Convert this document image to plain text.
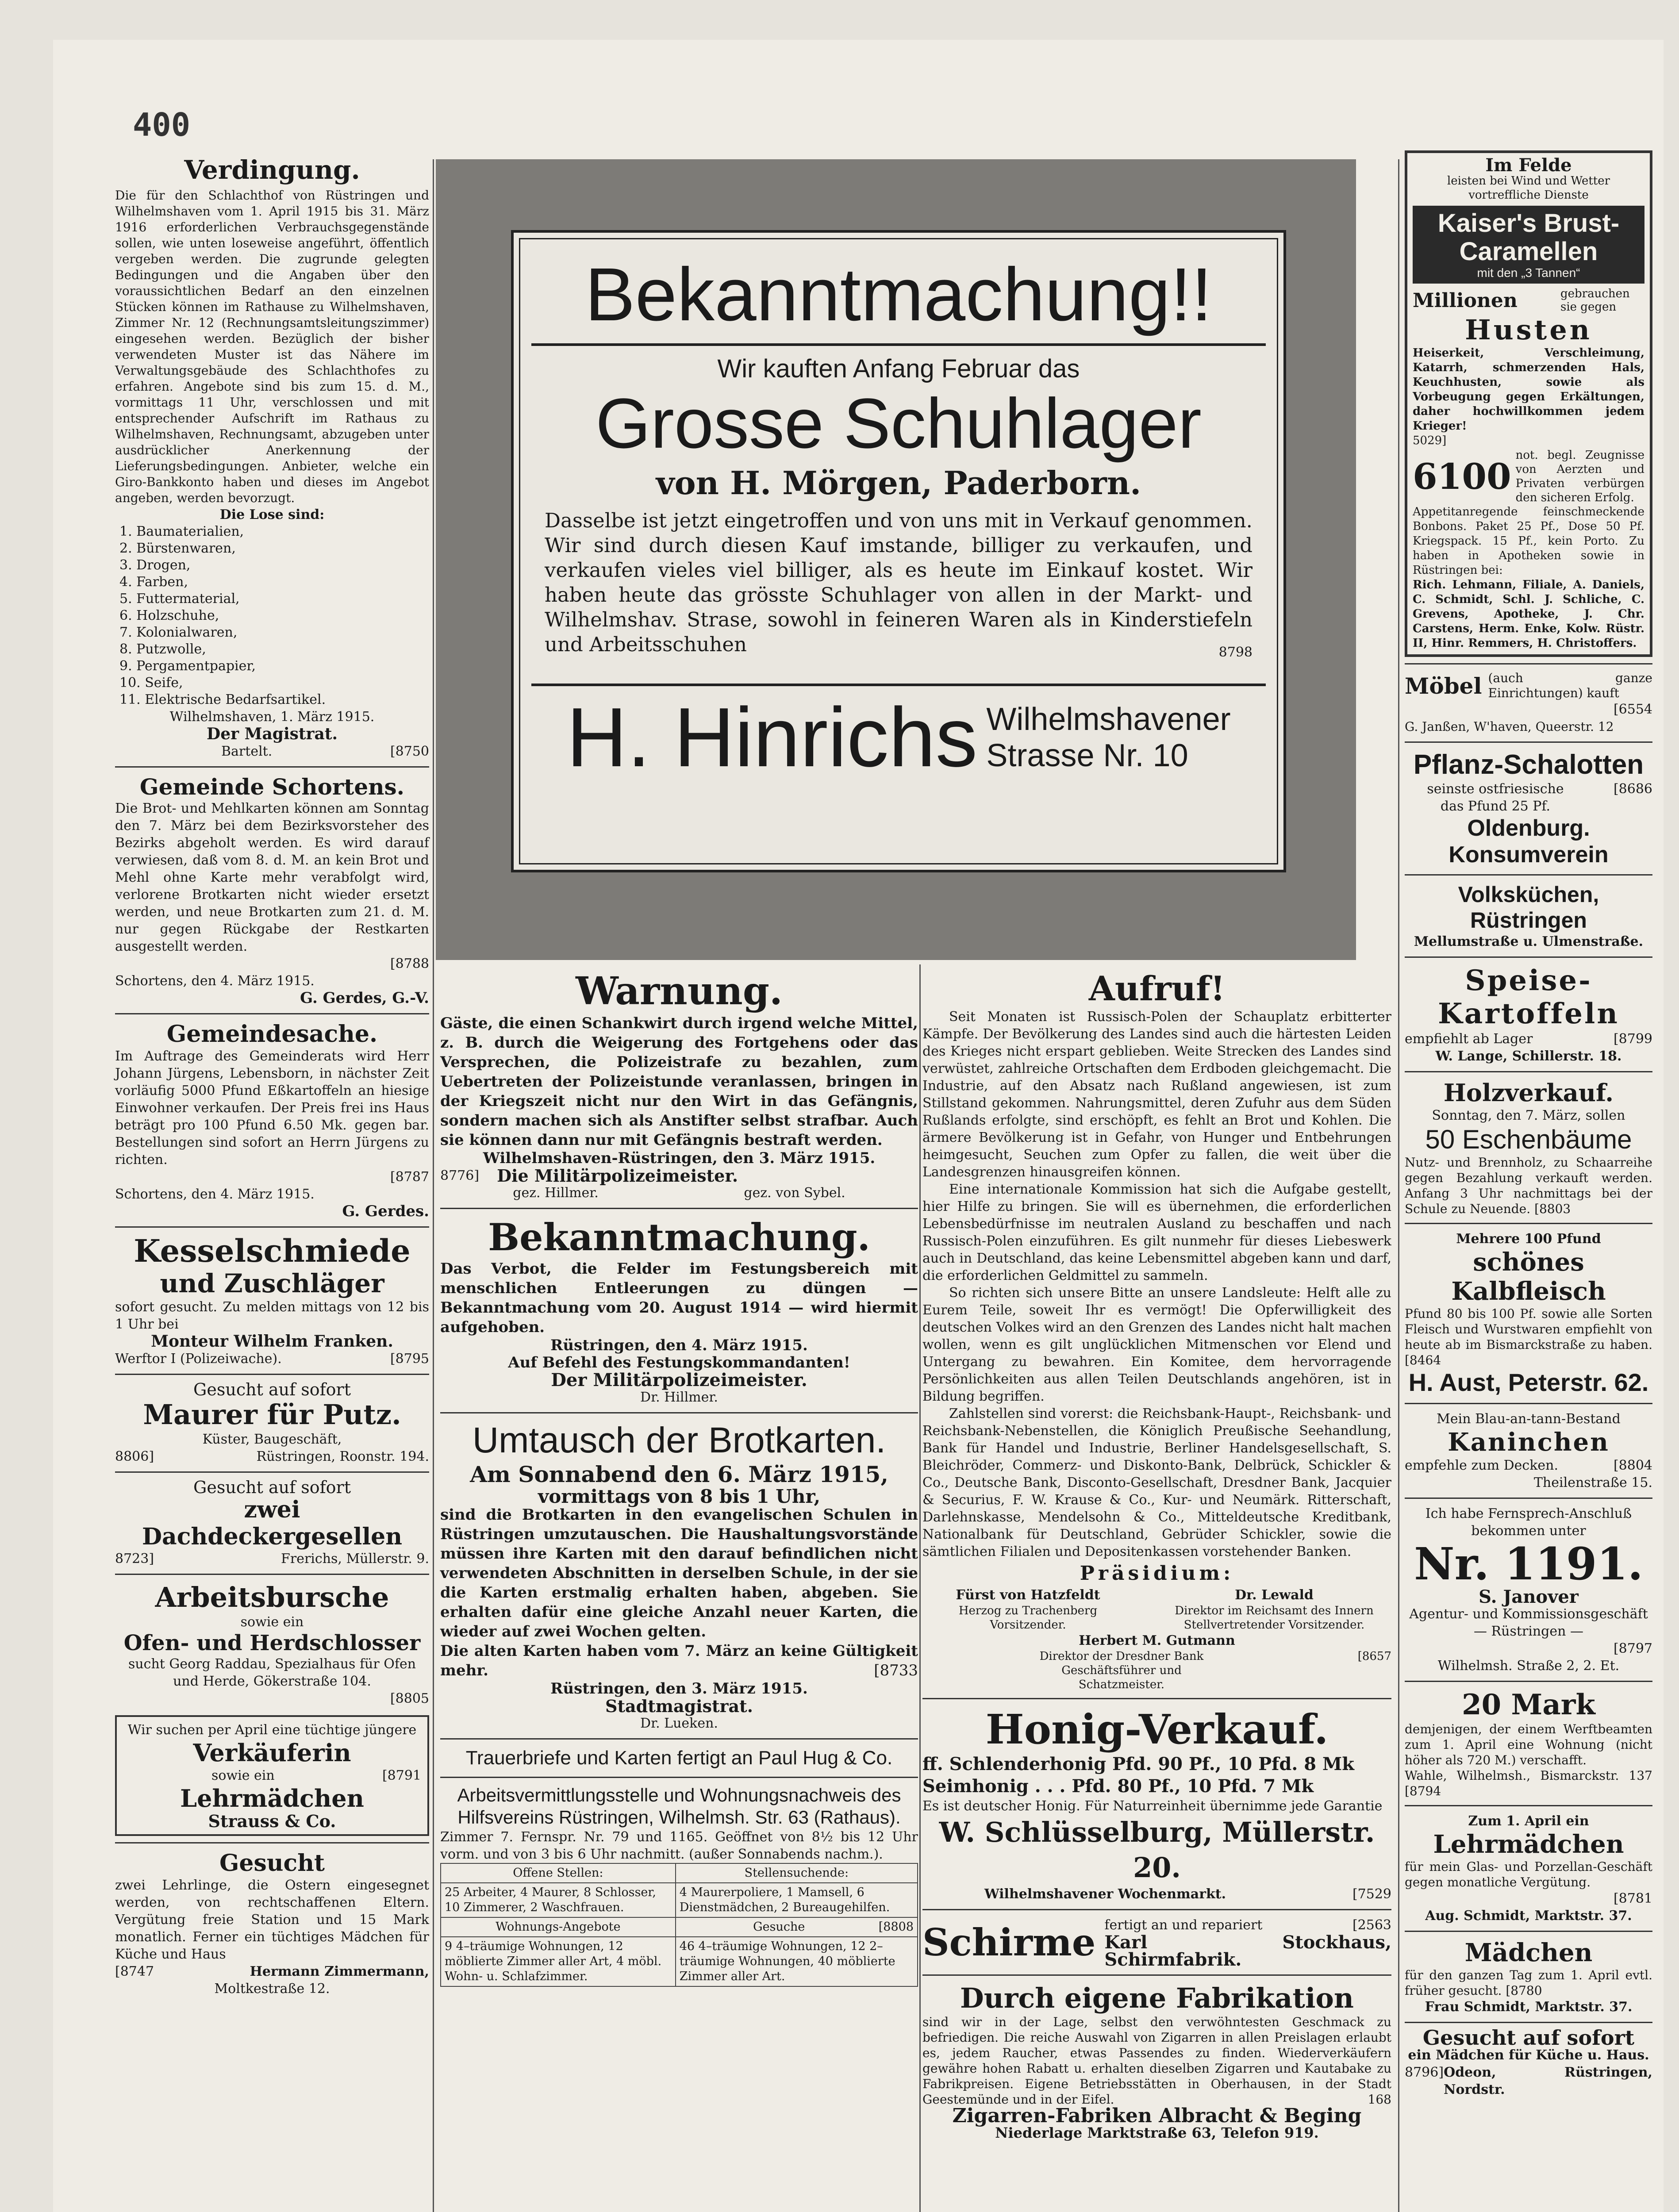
400
Verdingung.

Die für den Schlachthof von Rüstringen und Wilhelmshaven vom 1. April 1915 bis 31. März 1916 erforderlichen Verbrauchsgegenstände sollen, wie unten loseweise angeführt, öffentlich vergeben werden. Die zugrunde gelegten Bedingungen und die Angaben über den voraussichtlichen Bedarf an den einzelnen Stücken können im Rathause zu Wilhelmshaven, Zimmer Nr. 12 (Rechnungsamtsleitungszimmer) eingesehen werden. Bezüglich der bisher verwendeten Muster ist das Nähere im Verwaltungsgebäude des Schlachthofes zu erfahren. Angebote sind bis zum 15. d. M., vormittags 11 Uhr, verschlossen und mit entsprechender Aufschrift im Rathaus zu Wilhelmshaven, Rechnungsamt, abzugeben unter ausdrücklicher Anerkennung der Lieferungsbedingungen. Anbieter, welche ein Giro-Bankkonto haben und dieses im Angebot angeben, werden bevorzugt.

Die Lose sind:

1. Baumaterialien,
2. Bürstenwaren,
3. Drogen,
4. Farben,
5. Futtermaterial,
6. Holzschuhe,
7. Kolonialwaren,
8. Putzwolle,
9. Pergamentpapier,
10. Seife,
11. Elektrische Bedarfsartikel.

Wilhelmshaven, 1. März 1915.

Der Magistrat.

Bartelt.	[8750

Gemeinde Schortens.

Die Brot- und Mehlkarten können am Sonntag den 7. März bei dem Bezirksvorsteher des Bezirks abgeholt werden. Es wird darauf verwiesen, daß vom 8. d. M. an kein Brot und Mehl ohne Karte mehr verabfolgt wird, verlorene Brotkarten nicht wieder ersetzt werden, und neue Brotkarten zum 21. d. M. nur gegen Rückgabe der Restkarten ausgestellt werden.

[8788

Schortens, den 4. März 1915.

G. Gerdes, G.-V.

Gemeindesache.

Im Auftrage des Gemeinderats wird Herr Johann Jürgens, Lebensborn, in nächster Zeit vorläufig 5000 Pfund Eßkartoffeln an hiesige Einwohner verkaufen. Der Preis frei ins Haus beträgt pro 100 Pfund 6.50 Mk. gegen bar. Bestellungen sind sofort an Herrn Jürgens zu richten.

[8787

Schortens, den 4. März 1915.

G. Gerdes.

Kesselschmiede
und Zuschläger

sofort gesucht. Zu melden mittags von 12 bis 1 Uhr bei

Monteur Wilhelm Franken.

Werftor I (Polizeiwache).	[8795

Gesucht auf sofort

Maurer für Putz.

Küster, Baugeschäft,

8806]	Rüstringen, Roonstr. 194.

Gesucht auf sofort

zwei Dachdeckergesellen

8723]	Frerichs, Müllerstr. 9.

Arbeitsbursche

sowie ein

Ofen- und Herdschlosser

sucht Georg Raddau, Spezialhaus für Ofen und Herde, Gökerstraße 104.

[8805

Wir suchen per April eine tüchtige jüngere

Verkäuferin

sowie ein	[8791

Lehrmädchen

Strauss & Co.

Gesucht

zwei Lehrlinge, die Ostern eingesegnet werden, von rechtschaffenen Eltern. Vergütung freie Station und 15 Mark monatlich. Ferner ein tüchtiges Mädchen für Küche und Haus

[8747	Hermann Zimmermann,

Moltkestraße 12.

Bekanntmachung!!
Wir kauften Anfang Februar das
Grosse Schuhlager
von H. Mörgen, Paderborn.

Dasselbe ist jetzt eingetroffen und von uns mit in Verkauf genommen. Wir sind durch diesen Kauf imstande, billiger zu verkaufen, und verkaufen vieles viel billiger, als es heute im Einkauf kostet. Wir haben heute das grösste Schuhlager von allen in der Markt- und Wilhelmshav. Strase, sowohl in feineren Waren als in Kinderstiefeln und Arbeitsschuhen	8798

H. Hinrichs Wilhelmshavener
Strasse Nr. 10
Warnung.

Gäste, die einen Schankwirt durch irgend welche Mittel, z. B. durch die Weigerung des Fortgehens oder das Versprechen, die Polizeistrafe zu bezahlen, zum Uebertreten der Polizeistunde veranlassen, bringen in der Kriegszeit nicht nur den Wirt in das Gefängnis, sondern machen sich als Anstifter selbst strafbar. Auch sie können dann nur mit Gefängnis bestraft werden.

Wilhelmshaven-Rüstringen, den 3. März 1915.

8776] Die Militärpolizeimeister.

gez. Hillmer.	gez. von Sybel.

Bekanntmachung.

Das Verbot, die Felder im Festungsbereich mit menschlichen Entleerungen zu düngen — Bekanntmachung vom 20. August 1914 — wird hiermit aufgehoben.

Rüstringen, den 4. März 1915.

Auf Befehl des Festungskommandanten!

Der Militärpolizeimeister.

Dr. Hillmer.

Umtausch der Brotkarten.

Am Sonnabend den 6. März 1915,

vormittags von 8 bis 1 Uhr,

sind die Brotkarten in den evangelischen Schulen in Rüstringen umzutauschen. Die Haushaltungsvorstände müssen ihre Karten mit den darauf befindlichen nicht verwendeten Abschnitten in derselben Schule, in der sie die Karten erstmalig erhalten haben, abgeben. Sie erhalten dafür eine gleiche Anzahl neuer Karten, die wieder auf zwei Wochen gelten.

Die alten Karten haben vom 7. März an keine Gültigkeit mehr.	[8733

Rüstringen, den 3. März 1915.

Stadtmagistrat.

Dr. Lueken.

Trauerbriefe und Karten fertigt an Paul Hug & Co.

Arbeitsvermittlungsstelle und Wohnungsnachweis des Hilfsvereins Rüstringen, Wilhelmsh. Str. 63 (Rathaus).

Zimmer 7. Fernspr. Nr. 79 und 1165. Geöffnet von 8½ bis 12 Uhr vorm. und von 3 bis 6 Uhr nachmitt. (außer Sonnabends nachm.).

Offene Stellen:	Stellensuchende:
25 Arbeiter, 4 Maurer, 8 Schlosser, 10 Zimmerer, 2 Waschfrauen.	4 Maurerpoliere, 1 Mamsell, 6 Dienstmädchen, 2 Bureaugehilfen.
Wohnungs-Angebote	Gesuche [8808

9 4–träumige Wohnungen, 12 möblierte Zimmer aller Art, 4 möbl. Wohn- u. Schlafzimmer.	46 4–träumige Wohnungen, 12 2–träumige Wohnungen, 40 möblierte Zimmer aller Art.
Aufruf!

Seit Monaten ist Russisch-Polen der Schauplatz erbitterter Kämpfe. Der Bevölkerung des Landes sind auch die härtesten Leiden des Krieges nicht erspart geblieben. Weite Strecken des Landes sind verwüstet, zahlreiche Ortschaften dem Erdboden gleichgemacht. Die Industrie, auf den Absatz nach Rußland angewiesen, ist zum Stillstand gekommen. Nahrungsmittel, deren Zufuhr aus dem Süden Rußlands erfolgte, sind erschöpft, es fehlt an Brot und Kohlen. Die ärmere Bevölkerung ist in Gefahr, von Hunger und Entbehrungen heimgesucht, Seuchen zum Opfer zu fallen, die weit über die Landesgrenzen hinausgreifen können.

Eine internationale Kommission hat sich die Aufgabe gestellt, hier Hilfe zu bringen. Sie will es übernehmen, die erforderlichen Lebensbedürfnisse im neutralen Ausland zu beschaffen und nach Russisch-Polen einzuführen. Es gilt nunmehr für dieses Liebeswerk auch in Deutschland, das keine Lebensmittel abgeben kann und darf, die erforderlichen Geldmittel zu sammeln.

So richten sich unsere Bitte an unsere Landsleute: Helft alle zu Eurem Teile, soweit Ihr es vermögt! Die Opferwilligkeit des deutschen Volkes wird an den Grenzen des Landes nicht halt machen wollen, wenn es gilt unglücklichen Mitmenschen vor Elend und Untergang zu bewahren. Ein Komitee, dem hervorragende Persönlichkeiten aus allen Teilen Deutschlands angehören, ist in Bildung begriffen.

Zahlstellen sind vorerst: die Reichsbank-Haupt-, Reichsbank- und Reichsbank-Nebenstellen, die Königlich Preußische Seehandlung, Bank für Handel und Industrie, Berliner Handelsgesellschaft, S. Bleichröder, Commerz- und Diskonto-Bank, Delbrück, Schickler & Co., Deutsche Bank, Disconto-Gesellschaft, Dresdner Bank, Jacquier & Securius, F. W. Krause & Co., Kur- und Neumärk. Ritterschaft, Darlehnskasse, Mendelsohn & Co., Mitteldeutsche Kreditbank, Nationalbank für Deutschland, Gebrüder Schickler, sowie die sämtlichen Filialen und Depositenkassen vorstehender Banken.

Präsidium:

Fürst von Hatzfeldt

Herzog zu Trachenberg Vorsitzender.

Dr. Lewald

Direktor im Reichsamt des Innern Stellvertretender Vorsitzender.

Herbert M. Gutmann

Direktor der Dresdner Bank Geschäftsführer und Schatzmeister.
[8657

Honig-Verkauf.

ff. Schlenderhonig Pfd. 90 Pf., 10 Pfd. 8 Mk

Seimhonig . . . Pfd. 80 Pf., 10 Pfd. 7 Mk

Es ist deutscher Honig. Für Naturreinheit übernimme jede Garantie

W. Schlüsselburg, Müllerstr. 20.

Wilhelmshavener Wochenmarkt.	[7529

Schirme fertigt an und repariert	[2563
Karl Stockhaus, Schirmfabrik.
Durch eigene Fabrikation

sind wir in der Lage, selbst den verwöhntesten Geschmack zu befriedigen. Die reiche Auswahl von Zigarren in allen Preislagen erlaubt es, jedem Raucher, etwas Passendes zu finden. Wiederverkäufern gewähre hohen Rabatt u. erhalten dieselben Zigarren und Kautabake zu Fabrikpreisen. Eigene Betriebsstätten in Oberhausen, in der Stadt Geestemünde und in der Eifel.	168

Zigarren-Fabriken Albracht & Beging

Niederlage Marktstraße 63, Telefon 919.

Im Felde

leisten bei Wind und Wetter vortreffliche Dienste

Kaiser's Brust-
Caramellen
mit den „3 Tannen“

Millionen	gebrauchen sie gegen

Husten

Heiserkeit, Verschleimung, Katarrh, schmerzenden Hals, Keuchhusten, sowie als Vorbeugung gegen Erkältungen, daher hochwillkommen jedem Krieger!

5029]

6100
not. begl. Zeugnisse von Aerzten und Privaten verbürgen den sicheren Erfolg.

Appetitanregende feinschmeckende Bonbons. Paket 25 Pf., Dose 50 Pf. Kriegspack. 15 Pf., kein Porto. Zu haben in Apotheken sowie in Rüstringen bei:

Rich. Lehmann, Filiale, A. Daniels, C. Schmidt, Schl. J. Schliche, C. Grevens, Apotheke, J. Chr. Carstens, Herm. Enke, Kolw. Rüstr. II, Hinr. Remmers, H. Christoffers.

Möbel (auch ganze Einrichtungen) kauft

[6554

G. Janßen, W'haven, Queerstr. 12

Pflanz-Schalotten

seinste ostfriesische das Pfund 25 Pf.
[8686

Oldenburg. Konsumverein
Volksküchen, Rüstringen

Mellumstraße u. Ulmenstraße.

Speise-
Kartoffeln

empfiehlt ab Lager	[8799

W. Lange, Schillerstr. 18.

Holzverkauf.

Sonntag, den 7. März, sollen

50 Eschenbäume

Nutz- und Brennholz, zu Schaarreihe gegen Bezahlung verkauft werden. Anfang 3 Uhr nachmittags bei der Schule zu Neuende. [8803

Mehrere 100 Pfund

schönes Kalbfleisch

Pfund 80 bis 100 Pf. sowie alle Sorten Fleisch und Wurstwaren empfiehlt von heute ab im Bismarckstraße zu haben. [8464

H. Aust, Peterstr. 62.

Mein Blau-an-tann-Bestand

Kaninchen

empfehle zum Decken.	[8804

Theilenstraße 15.

Ich habe Fernsprech-Anschluß bekommen unter

Nr. 1191.

S. Janover

Agentur- und Kommissionsgeschäft — Rüstringen —

[8797

Wilhelmsh. Straße 2, 2. Et.

20 Mark

demjenigen, der einem Werftbeamten zum 1. April eine Wohnung (nicht höher als 720 M.) verschafft.

Wahle, Wilhelmsh., Bismarckstr. 137 [8794

Zum 1. April ein

Lehrmädchen

für mein Glas- und Porzellan-Geschäft gegen monatliche Vergütung.

[8781

Aug. Schmidt, Marktstr. 37.

Mädchen

für den ganzen Tag zum 1. April evtl. früher gesucht. [8780

Frau Schmidt, Marktstr. 37.

Gesucht auf sofort

ein Mädchen für Küche u. Haus.

8796] Odeon, Rüstringen, Nordstr.
